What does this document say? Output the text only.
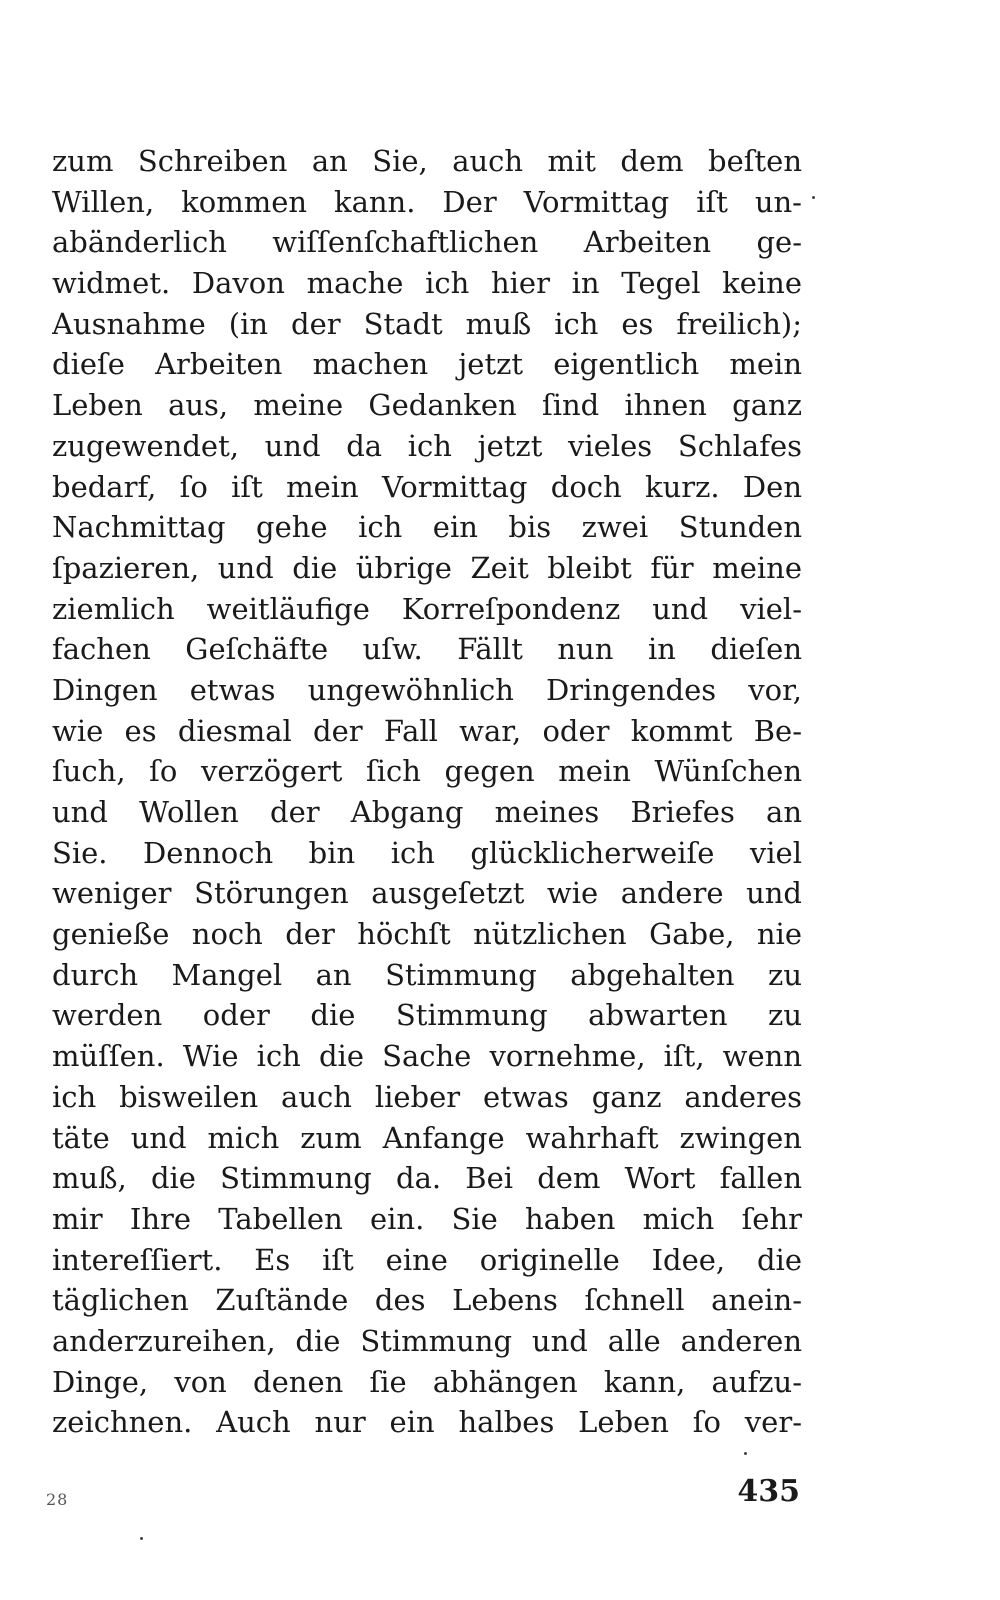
zum Schreiben an Sie, auch mit dem beſten
Willen, kommen kann. Der Vormittag iſt un-
abänderlich wiſſenſchaftlichen Arbeiten ge-
widmet. Davon mache ich hier in Tegel keine
Ausnahme (in der Stadt muß ich es freilich);
dieſe Arbeiten machen jetzt eigentlich mein
Leben aus, meine Gedanken ſind ihnen ganz
zugewendet, und da ich jetzt vieles Schlafes
bedarf, ſo iſt mein Vormittag doch kurz. Den
Nachmittag gehe ich ein bis zwei Stunden
ſpazieren, und die übrige Zeit bleibt für meine
ziemlich weitläufige Korreſpondenz und viel-
fachen Geſchäfte uſw. Fällt nun in dieſen
Dingen etwas ungewöhnlich Dringendes vor,
wie es diesmal der Fall war, oder kommt Be-
ſuch, ſo verzögert ſich gegen mein Wünſchen
und Wollen der Abgang meines Briefes an
Sie. Dennoch bin ich glücklicherweiſe viel
weniger Störungen ausgeſetzt wie andere und
genieße noch der höchſt nützlichen Gabe, nie
durch Mangel an Stimmung abgehalten zu
werden oder die Stimmung abwarten zu
müſſen. Wie ich die Sache vornehme, iſt, wenn
ich bisweilen auch lieber etwas ganz anderes
täte und mich zum Anfange wahrhaft zwingen
muß, die Stimmung da. Bei dem Wort fallen
mir Ihre Tabellen ein. Sie haben mich ſehr
intereſſiert. Es iſt eine originelle Idee, die
täglichen Zuſtände des Lebens ſchnell anein-
anderzureihen, die Stimmung und alle anderen
Dinge, von denen ſie abhängen kann, aufzu-
zeichnen. Auch nur ein halbes Leben ſo ver-
28	435
